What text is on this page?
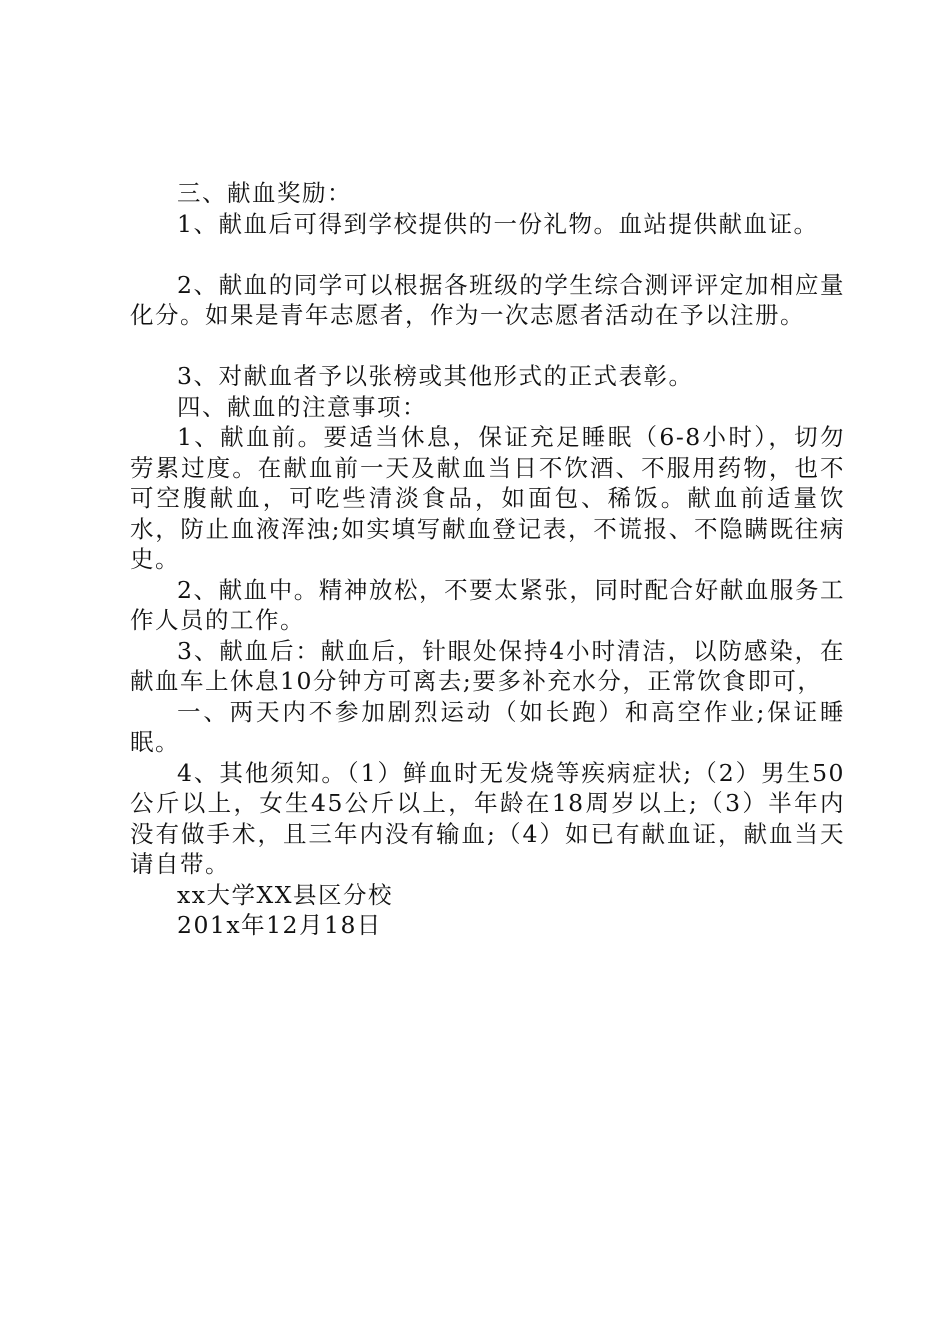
三、献血奖励：

1、献血后可得到学校提供的一份礼物。血站提供献血证。

2、献血的同学可以根据各班级的学生综合测评评定加相应量化分。如果是青年志愿者，作为一次志愿者活动在予以注册。

3、对献血者予以张榜或其他形式的正式表彰。

四、献血的注意事项：

1、献血前。要适当休息，保证充足睡眠（6-8小时），切勿劳累过度。在献血前一天及献血当日不饮酒、不服用药物，也不可空腹献血，可吃些清淡食品，如面包、稀饭。献血前适量饮水，防止血液浑浊;如实填写献血登记表，不谎报、不隐瞒既往病史。

2、献血中。精神放松，不要太紧张，同时配合好献血服务工作人员的工作。

3、献血后：献血后，针眼处保持4小时清洁，以防感染，在献血车上休息10分钟方可离去;要多补充水分，正常饮食即可，

一、两天内不参加剧烈运动（如长跑）和高空作业;保证睡眠。

4、其他须知。（1）鲜血时无发烧等疾病症状;（2）男生50公斤以上，女生45公斤以上，年龄在18周岁以上;（3）半年内没有做手术，且三年内没有输血;（4）如已有献血证，献血当天请自带。

xx大学XX县区分校

201x年12月18日
